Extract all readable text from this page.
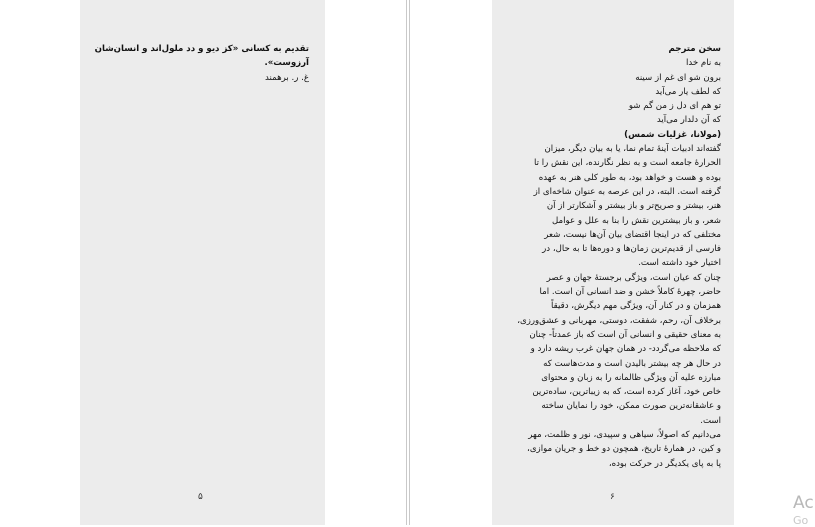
تقدیم به کسانی «کز دیو و دد ملول‌اند و انسان‌شان
آرزوست».
غ. ر. برهمند
۵
سخن مترجم
به نام خدا
برون شو ای غم از سینه
که لطف یار می‌آید
تو هم ای دل ز من گم شو
که آن دلدار می‌آید
(مولانا، غزلیات شمس)
گفته‌اند ادبیات آینهٔ تمام نما، یا به بیان دیگر، میزان
الحرارهٔ جامعه است و به نظر نگارنده، این نقش را تا
بوده و هست و خواهد بود، به طور کلی هنر به عهده
گرفته است. البته، در این عرصه به عنوان شاخه‌ای از
هنر، بیشتر و صریح‌تر و باز بیشتر و آشکارتر از آن
شعر، و باز بیشترین نقش را بنا به علل و عوامل
مختلفی که در اینجا اقتضای بیان آن‌ها نیست، شعر
فارسی از قدیم‌ترین زمان‌ها و دوره‌ها تا به حال، در
اختیار خود داشته است.
چنان که عیان است، ویژگی برجستهٔ جهان و عصر
حاضر، چهرهٔ کاملاً خشن و ضد انسانی آن است. اما
همزمان و در کنار آن، ویژگی مهم دیگرش، دقیقاً
برخلاف آن، رحم، شفقت، دوستی، مهربانی و عشق‌ورزی،
به معنای حقیقی و انسانی آن است که باز عمدتاً- چنان
که ملاحظه می‌گردد- در همان جهان غرب ریشه دارد و
در حال هر چه بیشتر بالیدن است و مدت‌هاست که
مبارزه علیه آن ویژگی ظالمانه را به زبان و محتوای
خاص خود، آغاز کرده است، که به زیباترین، ساده‌ترین
و عاشقانه‌ترین صورت ممکن، خود را نمایان ساخته
است.
می‌دانیم که اصولاً، سیاهی و سپیدی، نور و ظلمت، مهر
و کین، در همارهٔ تاریخ، همچون دو خط و جریان موازی،
پا به پای یکدیگر در حرکت بوده،
۶	Ac
Go
